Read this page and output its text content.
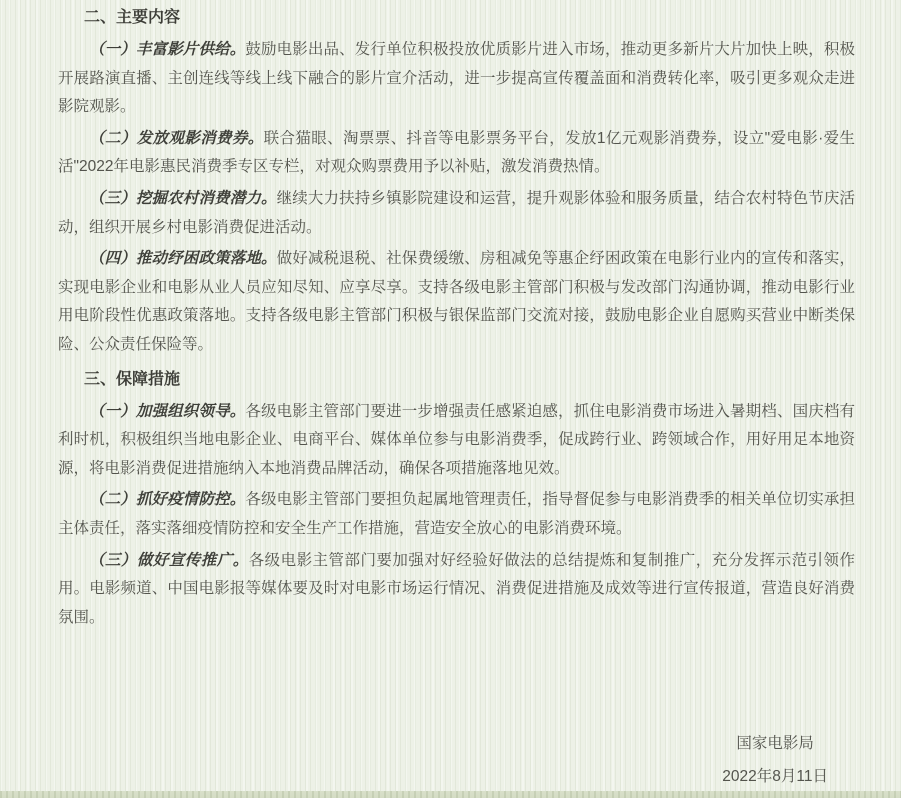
二、主要内容

（一）丰富影片供给。鼓励电影出品、发行单位积极投放优质影片进入市场，推动更多新片大片加快上映，积极开展路演直播、主创连线等线上线下融合的影片宣介活动，进一步提高宣传覆盖面和消费转化率，吸引更多观众走进影院观影。

（二）发放观影消费券。联合猫眼、淘票票、抖音等电影票务平台，发放1亿元观影消费券，设立"爱电影·爱生活"2022年电影惠民消费季专区专栏，对观众购票费用予以补贴，激发消费热情。

（三）挖掘农村消费潜力。继续大力扶持乡镇影院建设和运营，提升观影体验和服务质量，结合农村特色节庆活动，组织开展乡村电影消费促进活动。

（四）推动纾困政策落地。做好减税退税、社保费缓缴、房租减免等惠企纾困政策在电影行业内的宣传和落实，实现电影企业和电影从业人员应知尽知、应享尽享。支持各级电影主管部门积极与发改部门沟通协调，推动电影行业用电阶段性优惠政策落地。支持各级电影主管部门积极与银保监部门交流对接，鼓励电影企业自愿购买营业中断类保险、公众责任保险等。

三、保障措施

（一）加强组织领导。各级电影主管部门要进一步增强责任感紧迫感，抓住电影消费市场进入暑期档、国庆档有利时机，积极组织当地电影企业、电商平台、媒体单位参与电影消费季，促成跨行业、跨领域合作，用好用足本地资源，将电影消费促进措施纳入本地消费品牌活动，确保各项措施落地见效。

（二）抓好疫情防控。各级电影主管部门要担负起属地管理责任，指导督促参与电影消费季的相关单位切实承担主体责任，落实落细疫情防控和安全生产工作措施，营造安全放心的电影消费环境。

（三）做好宣传推广。各级电影主管部门要加强对好经验好做法的总结提炼和复制推广，充分发挥示范引领作用。电影频道、中国电影报等媒体要及时对电影市场运行情况、消费促进措施及成效等进行宣传报道，营造良好消费氛围。

国家电影局
2022年8月11日
